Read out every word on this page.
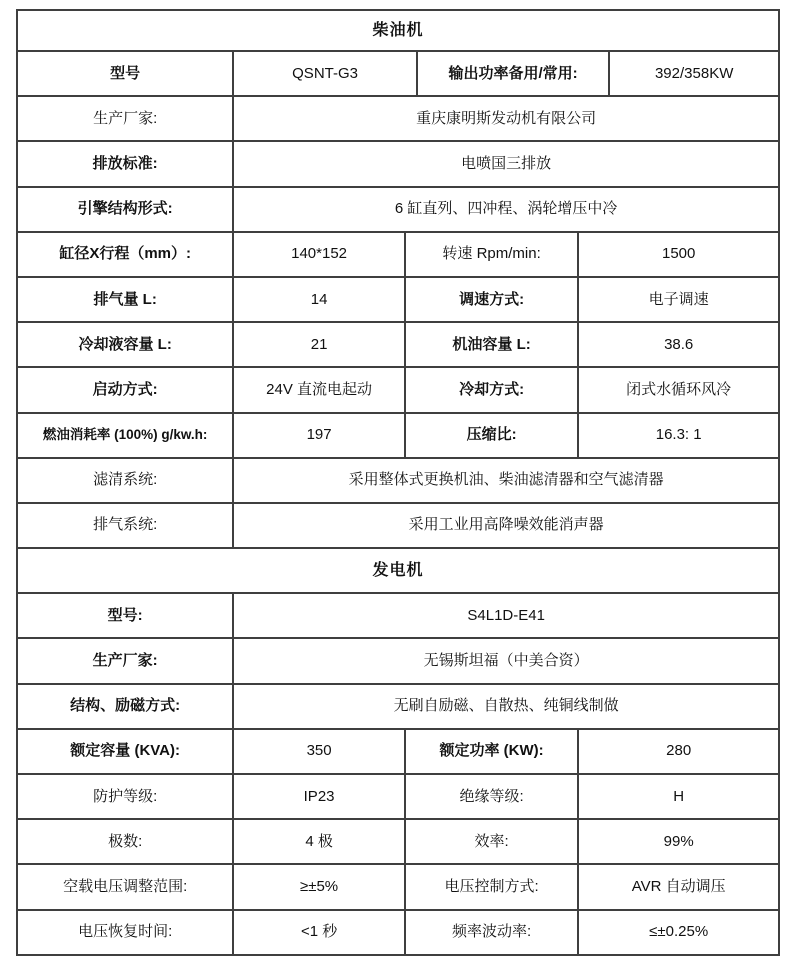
柴油机
型号	QSNT-G3	输出功率备用/常用:	392/358KW
生产厂家:	重庆康明斯发动机有限公司
排放标准:	电喷国三排放
引擎结构形式:	6 缸直列、四冲程、涡轮增压中冷
缸径X行程（mm）:	140*152	转速 Rpm/min:	1500
排气量 L:	14	调速方式:	电子调速
冷却液容量 L:	21	机油容量 L:	38.6
启动方式:	24V 直流电起动	冷却方式:	闭式水循环风冷
燃油消耗率 (100%) g/kw.h:	197	压缩比:	16.3: 1
滤清系统:	采用整体式更换机油、柴油滤清器和空气滤清器
排气系统:	采用工业用高降噪效能消声器
发电机
型号:	S4L1D-E41
生产厂家:	无锡斯坦福（中美合资）
结构、励磁方式:	无刷自励磁、自散热、纯铜线制做
额定容量 (KVA):	350	额定功率 (KW):	280
防护等级:	IP23	绝缘等级:	H
极数:	4 极	效率:	99%
空载电压调整范围:	≥±5%	电压控制方式:	AVR 自动调压
电压恢复时间:	<1 秒	频率波动率:	≤±0.25%
